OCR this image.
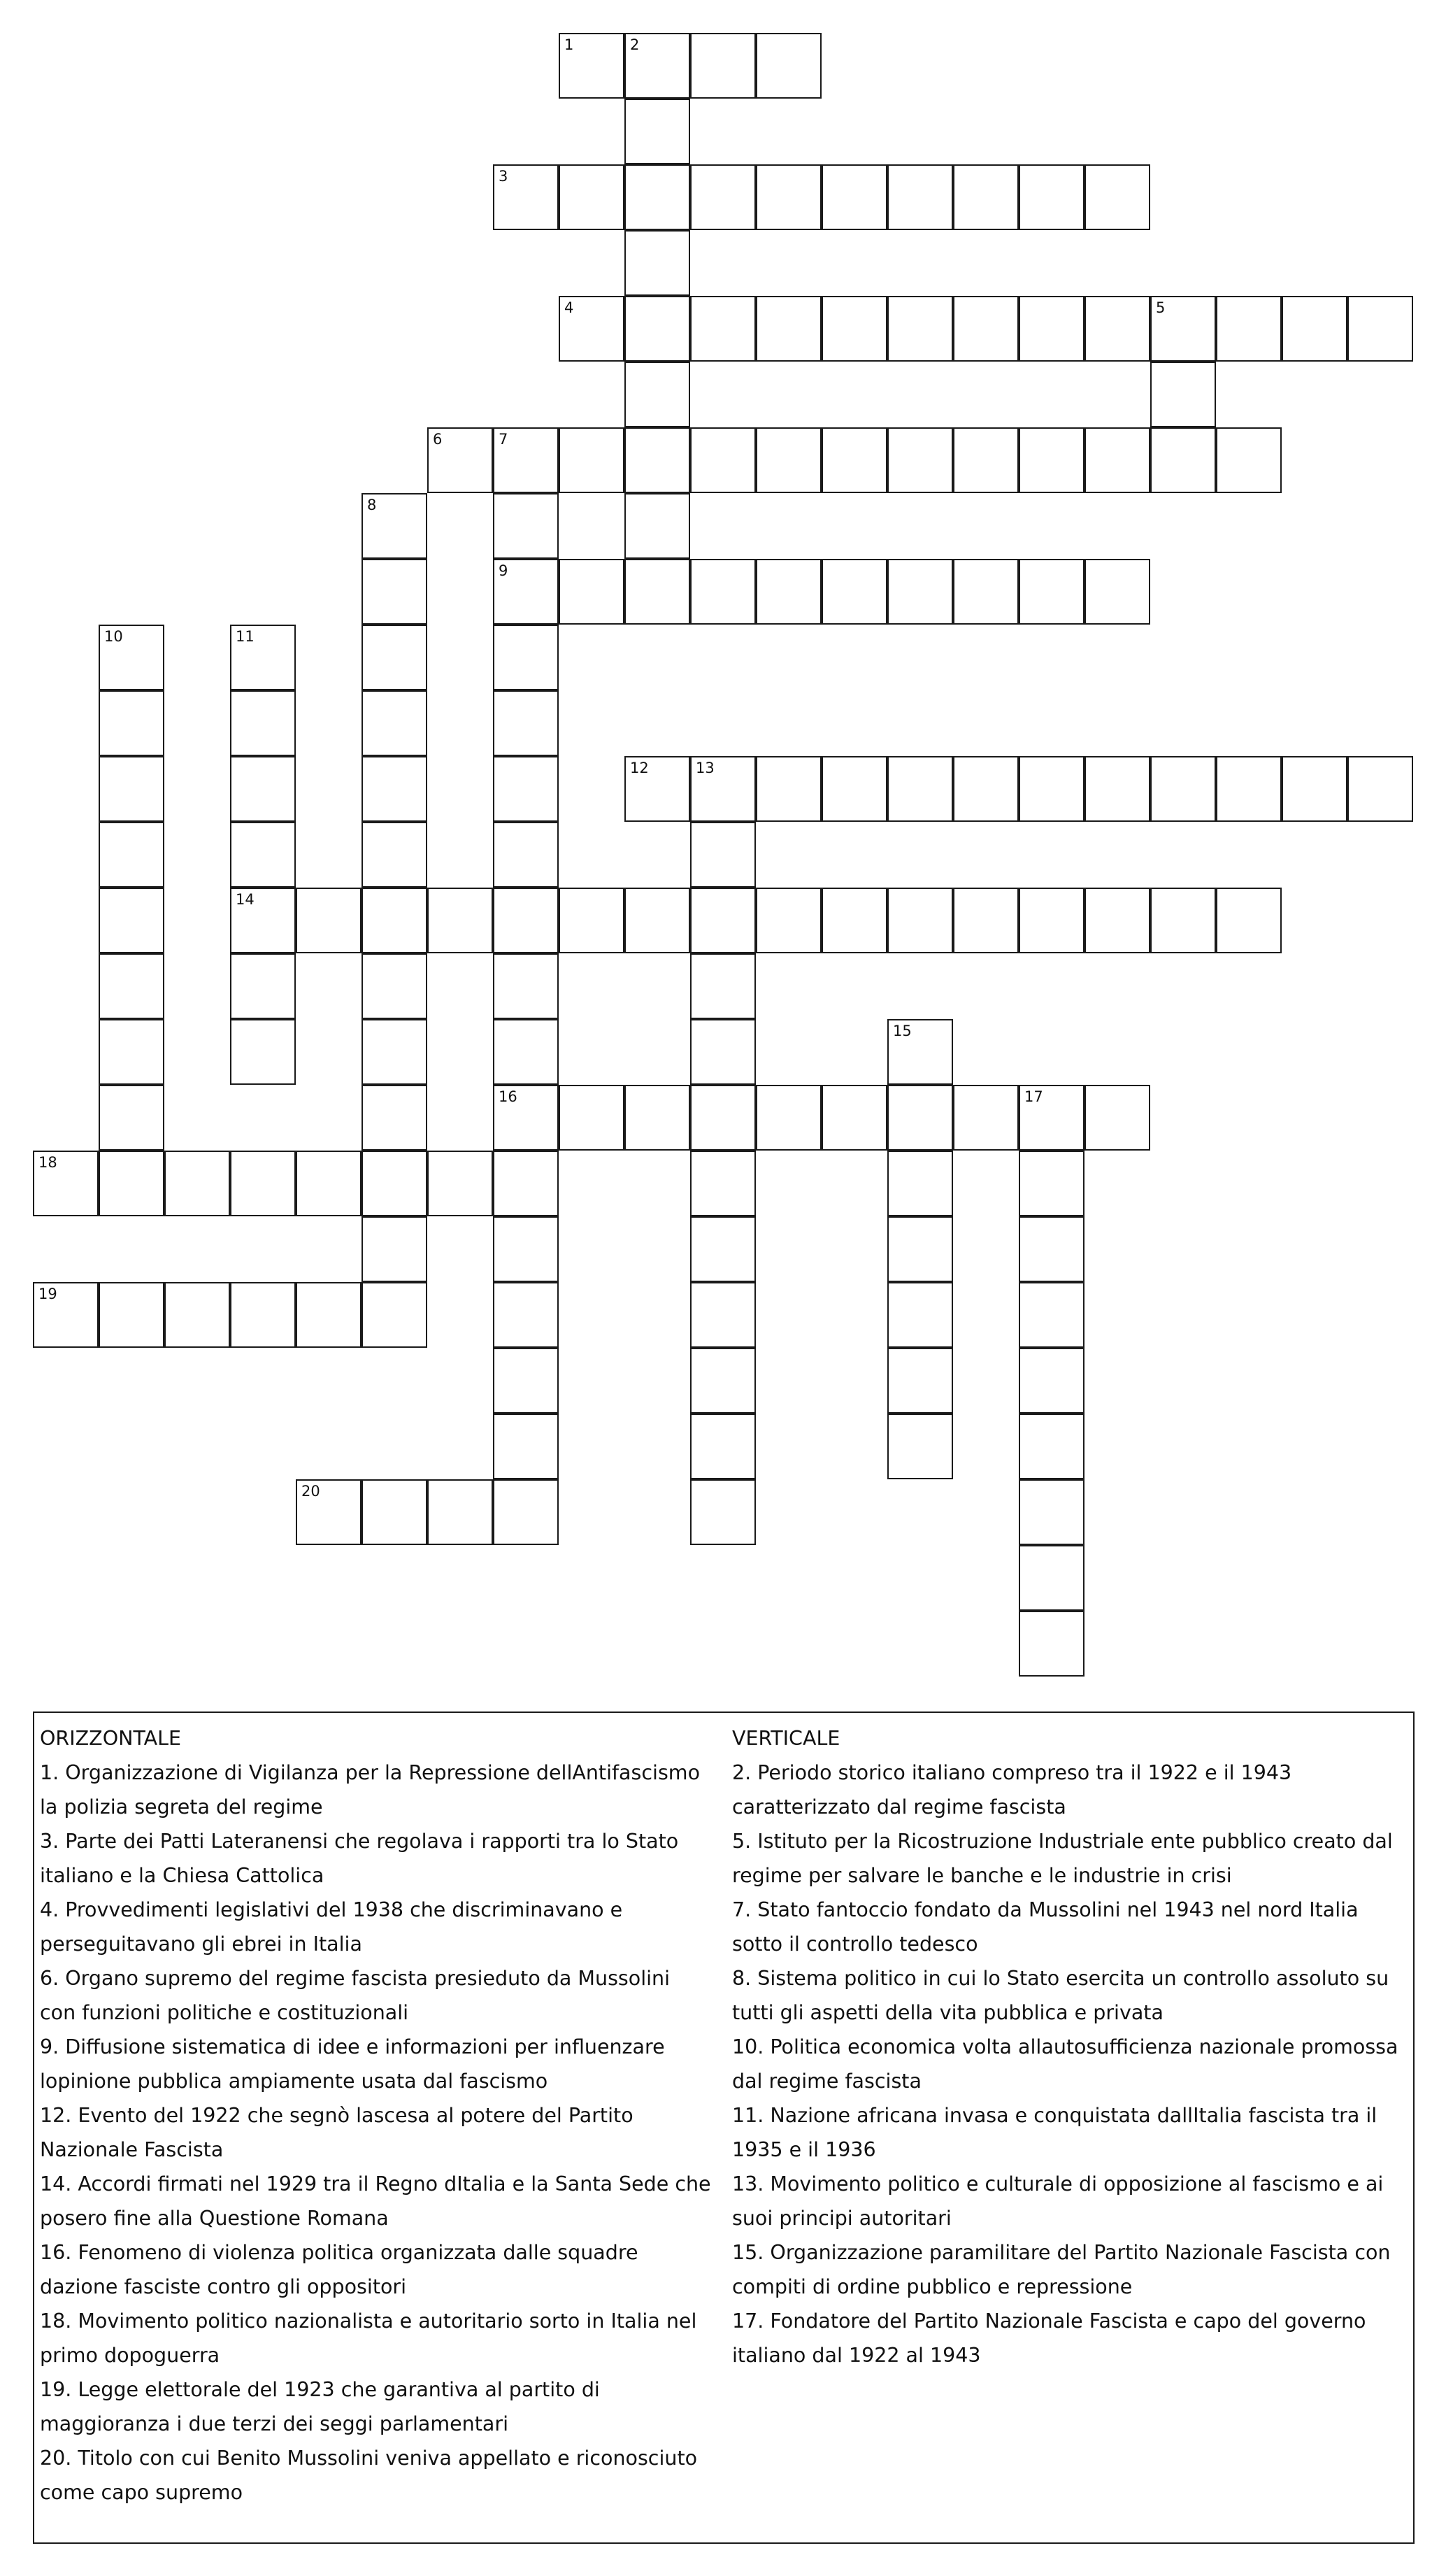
1	2
3
4	5
6	7
9
16
8
10	11
14
12	13
15
17
18
19
20

ORIZZONTALE

1. Organizzazione di Vigilanza per la Repressione dellAntifascismo la polizia segreta del regime

3. Parte dei Patti Lateranensi che regolava i rapporti tra lo Stato italiano e la Chiesa Cattolica

4. Provvedimenti legislativi del 1938 che discriminavano e perseguitavano gli ebrei in Italia

6. Organo supremo del regime fascista presieduto da Mussolini con funzioni politiche e costituzionali

9. Diffusione sistematica di idee e informazioni per influenzare lopinione pubblica ampiamente usata dal fascismo

12. Evento del 1922 che segnò lascesa al potere del Partito Nazionale Fascista

14. Accordi firmati nel 1929 tra il Regno dItalia e la Santa Sede che posero fine alla Questione Romana

16. Fenomeno di violenza politica organizzata dalle squadre dazione fasciste contro gli oppositori

18. Movimento politico nazionalista e autoritario sorto in Italia nel primo dopoguerra

19. Legge elettorale del 1923 che garantiva al partito di maggioranza i due terzi dei seggi parlamentari

20. Titolo con cui Benito Mussolini veniva appellato e riconosciuto come capo supremo

VERTICALE

2. Periodo storico italiano compreso tra il 1922 e il 1943 caratterizzato dal regime fascista

5. Istituto per la Ricostruzione Industriale ente pubblico creato dal regime per salvare le banche e le industrie in crisi

7. Stato fantoccio fondato da Mussolini nel 1943 nel nord Italia sotto il controllo tedesco

8. Sistema politico in cui lo Stato esercita un controllo assoluto su tutti gli aspetti della vita pubblica e privata

10. Politica economica volta allautosufficienza nazionale promossa dal regime fascista

11. Nazione africana invasa e conquistata dallItalia fascista tra il 1935 e il 1936

13. Movimento politico e culturale di opposizione al fascismo e ai suoi principi autoritari

15. Organizzazione paramilitare del Partito Nazionale Fascista con compiti di ordine pubblico e repressione

17. Fondatore del Partito Nazionale Fascista e capo del governo italiano dal 1922 al 1943
